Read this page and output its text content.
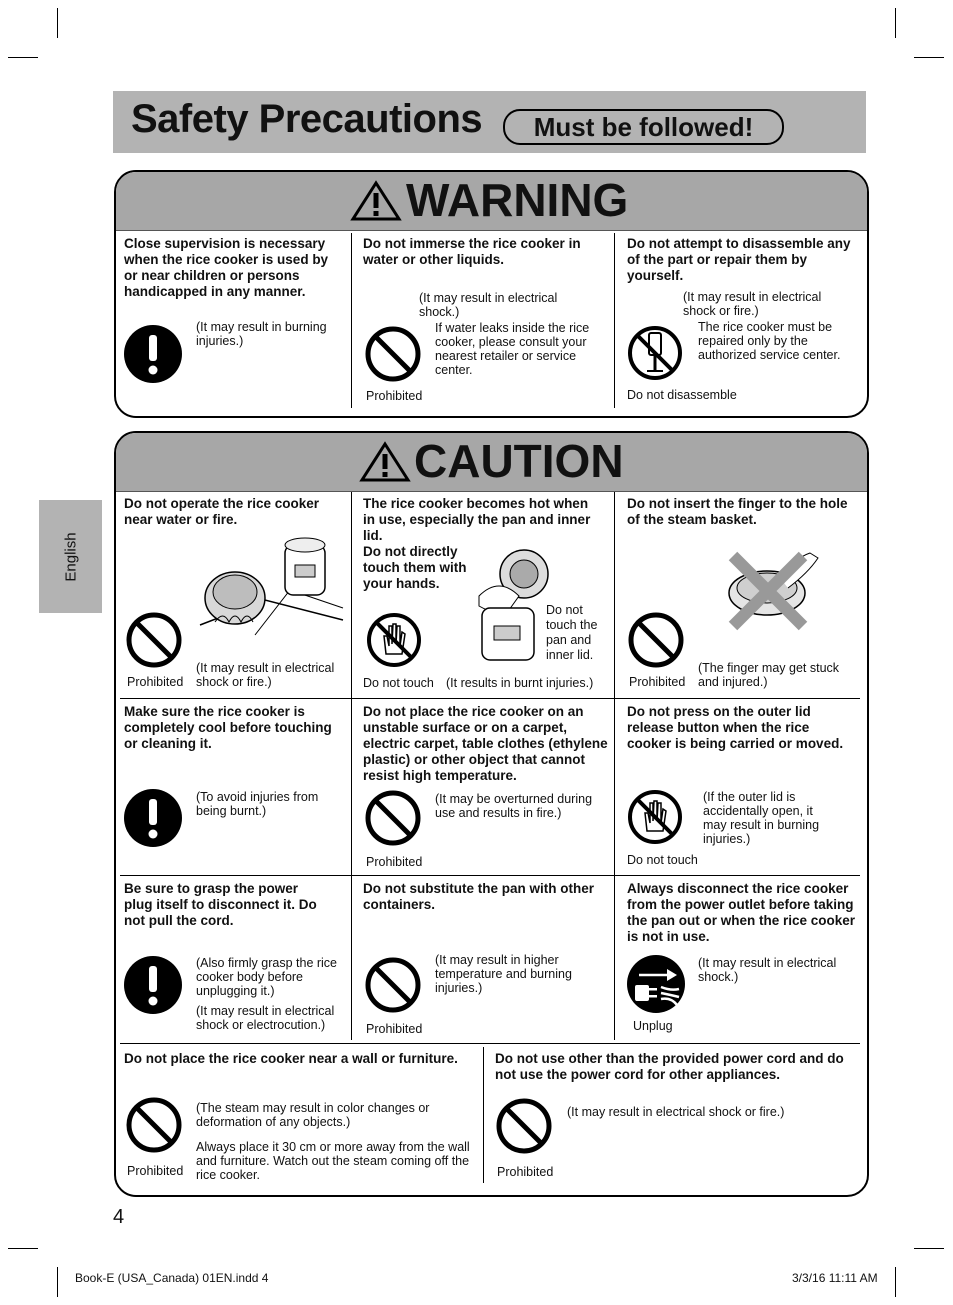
Safety Precautions	Must be followed!
English
WARNING
Close supervision is necessary when the rice cooker is used by or near children or persons handicapped in any manner.
(It may result in burning injuries.)
Do not immerse the rice cooker in water or other liquids.
(It may result in electrical shock.)
If water leaks inside the rice cooker, please consult your nearest retailer or service center.
Prohibited
Do not attempt to disassemble any of the part or repair them by yourself.
(It may result in electrical shock or fire.)
The rice cooker must be repaired only by the authorized service center.
Do not disassemble
CAUTION
Do not operate the rice cooker near water or fire.
Prohibited
(It may result in electrical shock or fire.)
The rice cooker becomes hot when in use, especially the pan and inner lid.
Do not directly touch them with your hands.
Do not touch the pan and inner lid.
Do not touch (It results in burnt injuries.)
Do not insert the finger to the hole of the steam basket.
Prohibited
(The finger may get stuck and injured.)
Make sure the rice cooker is completely cool before touching or cleaning it.
(To avoid injuries from being burnt.)
Do not place the rice cooker on an unstable surface or on a carpet, electric carpet, table clothes (ethylene plastic) or other object that cannot resist high temperature.
(It may be overturned during use and results in fire.)
Prohibited
Do not press on the outer lid release button when the rice cooker is being carried or moved.
(If the outer lid is accidentally open, it may result in burning injuries.)
Do not touch
Be sure to grasp the power plug itself to disconnect it. Do not pull the cord.
(Also firmly grasp the rice cooker body before unplugging it.)
(It may result in electrical shock or electrocution.)
Do not substitute the pan with other containers.
(It may result in higher temperature and burning injuries.)
Prohibited
Always disconnect the rice cooker from the power outlet before taking the pan out or when the rice cooker is not in use.
(It may result in electrical shock.)
Unplug
Do not place the rice cooker near a wall or furniture.
(The steam may result in color changes or deformation of any objects.)
Always place it 30 cm or more away from the wall and furniture. Watch out the steam coming off the rice cooker.
Prohibited
Do not use other than the provided power cord and do not use the power cord for other appliances.
(It may result in electrical shock or fire.)
Prohibited
4
Book-E (USA_Canada) 01EN.indd 4	3/3/16 11:11 AM
